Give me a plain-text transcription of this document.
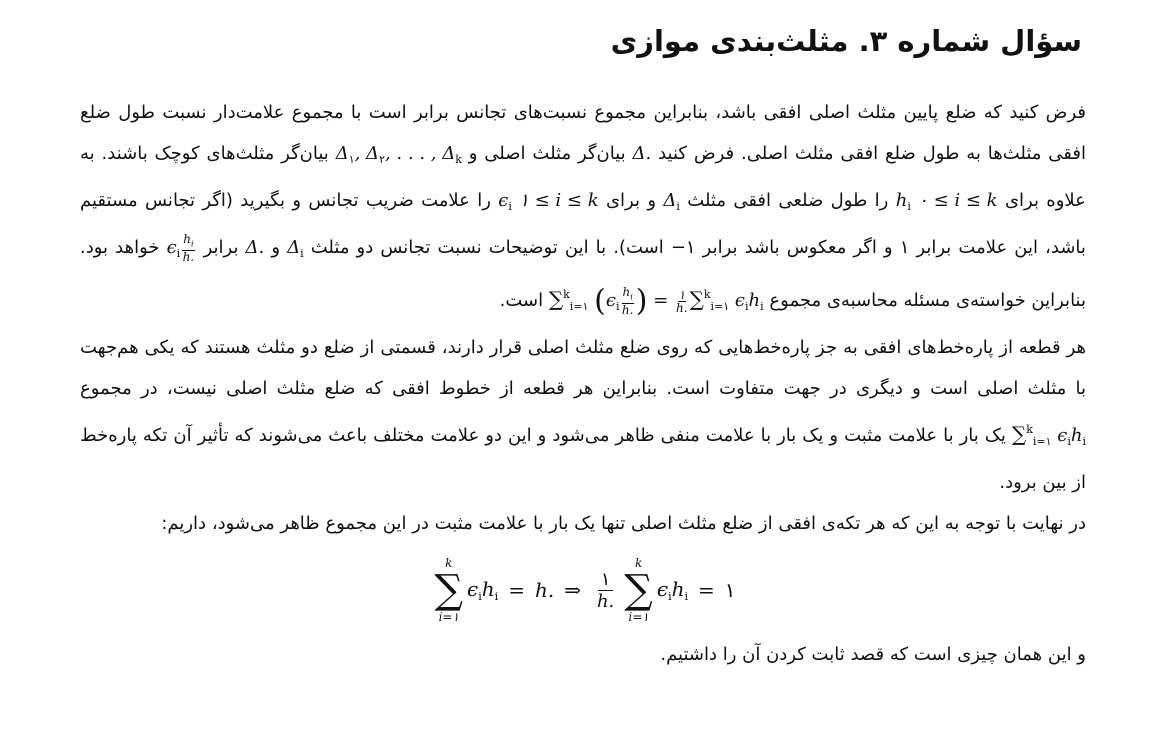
سؤال شماره ۳. مثلث‌بندی موازی

فرض کنید که ضلع پایین مثلث اصلی افقی باشد، بنابراین مجموع نسبت‌های تجانس برابر است با مجموع علامت‌دار نسبت طول ضلع افقی مثلث‌ها به طول ضلع افقی مثلث اصلی. فرض کنید Δ. بیان‌گر مثلث اصلی و $\Delta_۱$, $\Delta_۲$, . . . , $\Delta_k$ بیان‌گر مثلث‌های کوچک باشند. به علاوه برای ۰ ≤ i ≤ k $h_i$ را طول ضلعی افقی مثلث $\Delta_i$ و برای ۱ ≤ i ≤ k $\epsilon_i$ را علامت ضریب تجانس و بگیرید (اگر تجانس مستقیم باشد، این علامت برابر ۱ و اگر معکوس باشد برابر ۱− است). با این توضیحات نسبت تجانس دو مثلث $\Delta_i$ و Δ. برابر $\epsilon_i \frac{h_i}{h.}$
خواهد بود. بنابراین خواسته‌ی مسئله محاسبه‌ی مجموع ∑$^k_{i=۱}$ ($\epsilon_i \frac{h_i}{h.}$ ) = $\frac{۱}{h.} \sum^k_{i=۱}$ $\epsilon_ih_i$ است.

هر قطعه از پاره‌خط‌های افقی به جز پاره‌خط‌هایی که روی ضلع مثلث اصلی قرار دارند، قسمتی از ضلع دو مثلث هستند که یکی هم‌جهت با مثلث اصلی است و دیگری در جهت متفاوت است. بنابراین هر قطعه از خطوط افقی که ضلع مثلث اصلی نیست، در مجموع ∑$^k_{i=۱}$ $\epsilon_ih_i$ یک بار با علامت مثبت و یک بار با علامت منفی ظاهر می‌شود و این دو علامت مختلف باعث می‌شوند که تأثیر آن تکه پاره‌خط از بین برود.

در نهایت با توجه به این که هر تکه‌ی افقی از ضلع مثلث اصلی تنها یک بار با علامت مثبت در این مجموع ظاهر می‌شود، داریم:

k
∑
i=۱
$\epsilon_ih_i = h$. ⇒ $\frac{۱}{h.}$
k
∑
i=۱
$\epsilon_ih_i$ = ۱

و این همان چیزی است که قصد ثابت کردن آن را داشتیم.
